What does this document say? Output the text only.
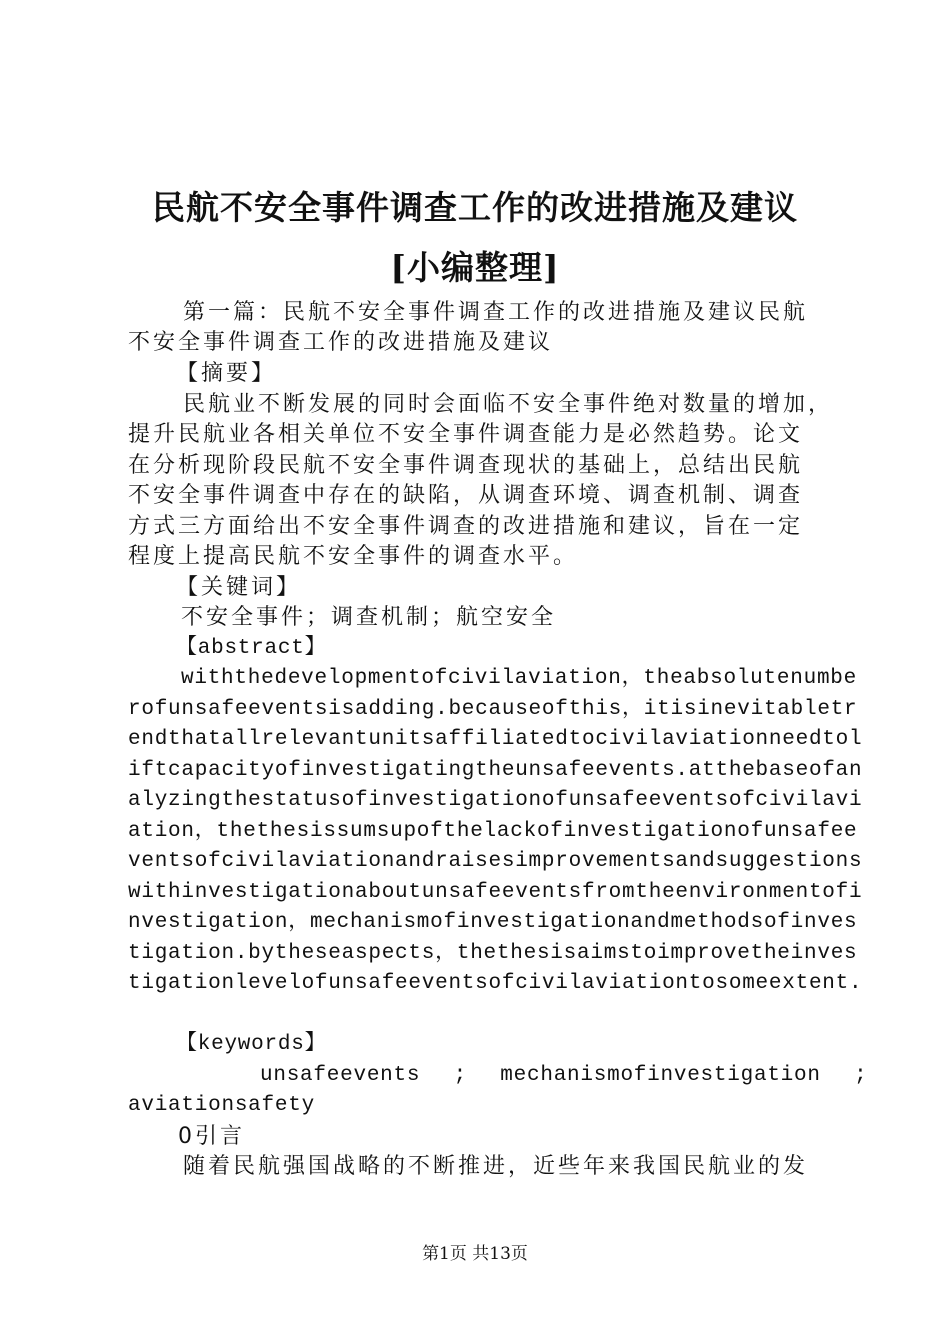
民航不安全事件调查工作的改进措施及建议
[小编整理]
第一篇：民航不安全事件调查工作的改进措施及建议民航
不安全事件调查工作的改进措施及建议
【摘要】
民航业不断发展的同时会面临不安全事件绝对数量的增加，
提升民航业各相关单位不安全事件调查能力是必然趋势。论文
在分析现阶段民航不安全事件调查现状的基础上，总结出民航
不安全事件调查中存在的缺陷，从调查环境、调查机制、调查
方式三方面给出不安全事件调查的改进措施和建议，旨在一定
程度上提高民航不安全事件的调查水平。
【关键词】
不安全事件；调查机制；航空安全
【abstract】
withthedevelopmentofcivilaviation，theabsolutenumbe
rofunsafeeventsisadding.becauseofthis，itisinevitabletr
endthatallrelevantunitsaffiliatedtocivilaviationneedtol
iftcapacityofinvestigatingtheunsafeevents.atthebaseofan
alyzingthestatusofinvestigationofunsafeeventsofcivilavi
ation，thethesissumsupofthelackofinvestigationofunsafee
ventsofcivilaviationandraisesimprovementsandsuggestions
withinvestigationaboutunsafeeventsfromtheenvironmentofi
nvestigation，mechanismofinvestigationandmethodsofinves
tigation.bytheseaspects，thethesisaimstoimprovetheinves
tigationlevelofunsafeeventsofcivilaviationtosomeextent.
【keywords】
unsafeevents ; mechanismofinvestigation ;
aviationsafety
0引言
随着民航强国战略的不断推进，近些年来我国民航业的发
第1页 共13页
